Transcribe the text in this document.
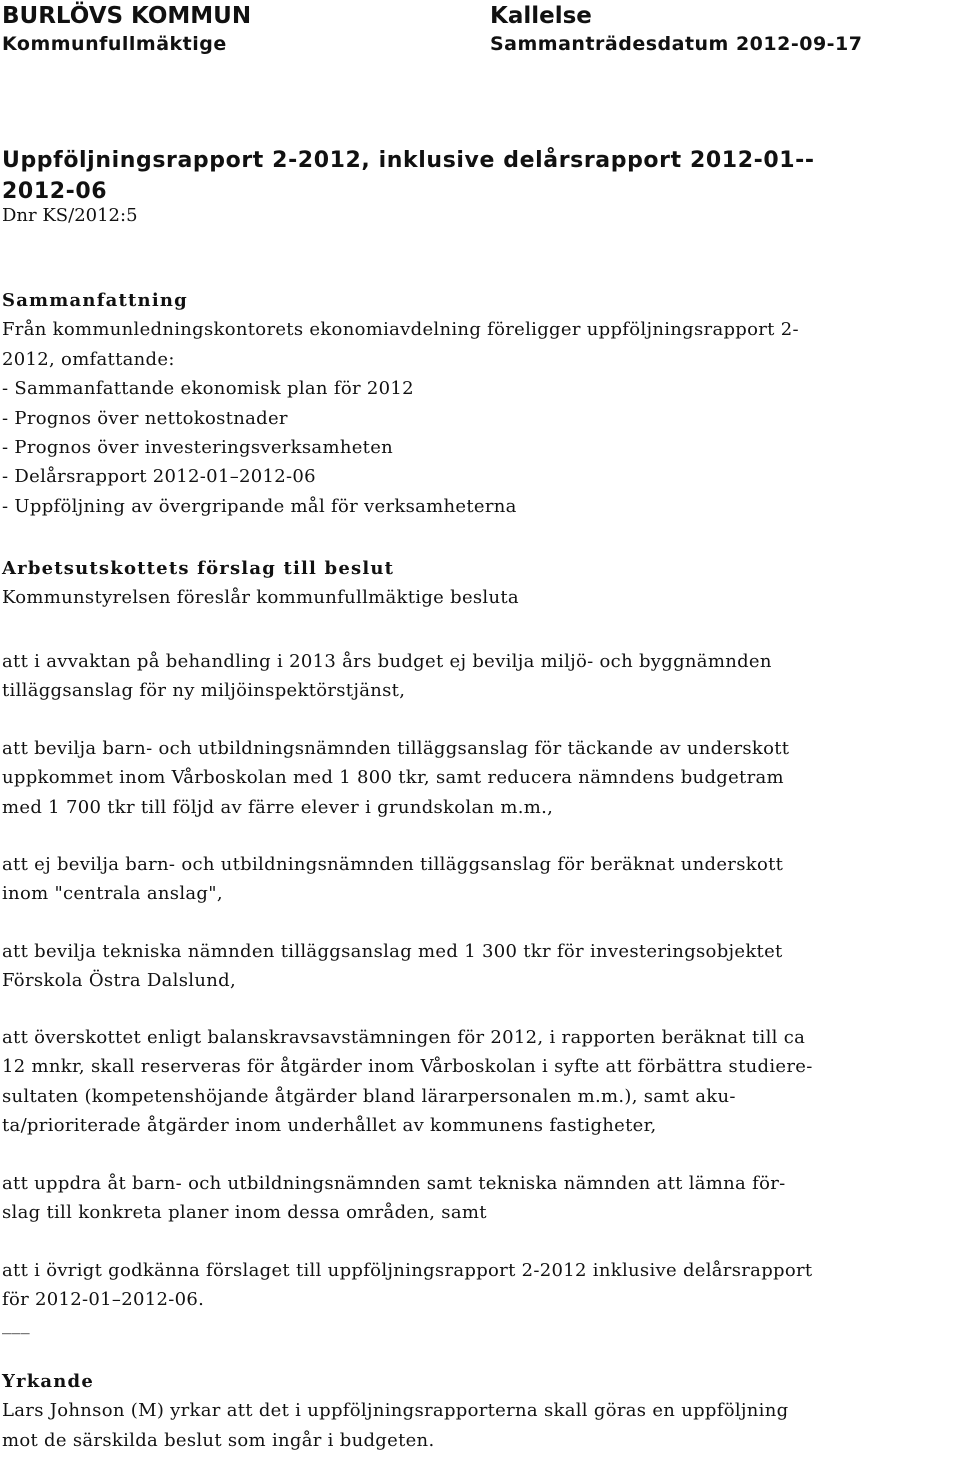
BURLÖVS KOMMUN	Kallelse
Kommunfullmäktige	Sammanträdesdatum 2012-09-17
Uppföljningsrapport 2-2012, inklusive delårsrapport 2012-01--
2012-06
Dnr KS/2012:5
Sammanfattning
Från kommunledningskontorets ekonomiavdelning föreligger uppföljningsrapport 2-
2012, omfattande:
- Sammanfattande ekonomisk plan för 2012
- Prognos över nettokostnader
- Prognos över investeringsverksamheten
- Delårsrapport 2012-01–2012-06
- Uppföljning av övergripande mål för verksamheterna
Arbetsutskottets förslag till beslut
Kommunstyrelsen föreslår kommunfullmäktige besluta
att i avvaktan på behandling i 2013 års budget ej bevilja miljö- och byggnämnden
tilläggsanslag för ny miljöinspektörstjänst,
att bevilja barn- och utbildningsnämnden tilläggsanslag för täckande av underskott
uppkommet inom Vårboskolan med 1 800 tkr, samt reducera nämndens budgetram
med 1 700 tkr till följd av färre elever i grundskolan m.m.,
att ej bevilja barn- och utbildningsnämnden tilläggsanslag för beräknat underskott
inom "centrala anslag",
att bevilja tekniska nämnden tilläggsanslag med 1 300 tkr för investeringsobjektet
Förskola Östra Dalslund,
att överskottet enligt balanskravsavstämningen för 2012, i rapporten beräknat till ca
12 mnkr, skall reserveras för åtgärder inom Vårboskolan i syfte att förbättra studiere-
sultaten (kompetenshöjande åtgärder bland lärarpersonalen m.m.), samt aku-
ta/prioriterade åtgärder inom underhållet av kommunens fastigheter,
att uppdra åt barn- och utbildningsnämnden samt tekniska nämnden att lämna för-
slag till konkreta planer inom dessa områden, samt
att i övrigt godkänna förslaget till uppföljningsrapport 2-2012 inklusive delårsrapport
för 2012-01–2012-06.
___
Yrkande
Lars Johnson (M) yrkar att det i uppföljningsrapporterna skall göras en uppföljning
mot de särskilda beslut som ingår i budgeten.
